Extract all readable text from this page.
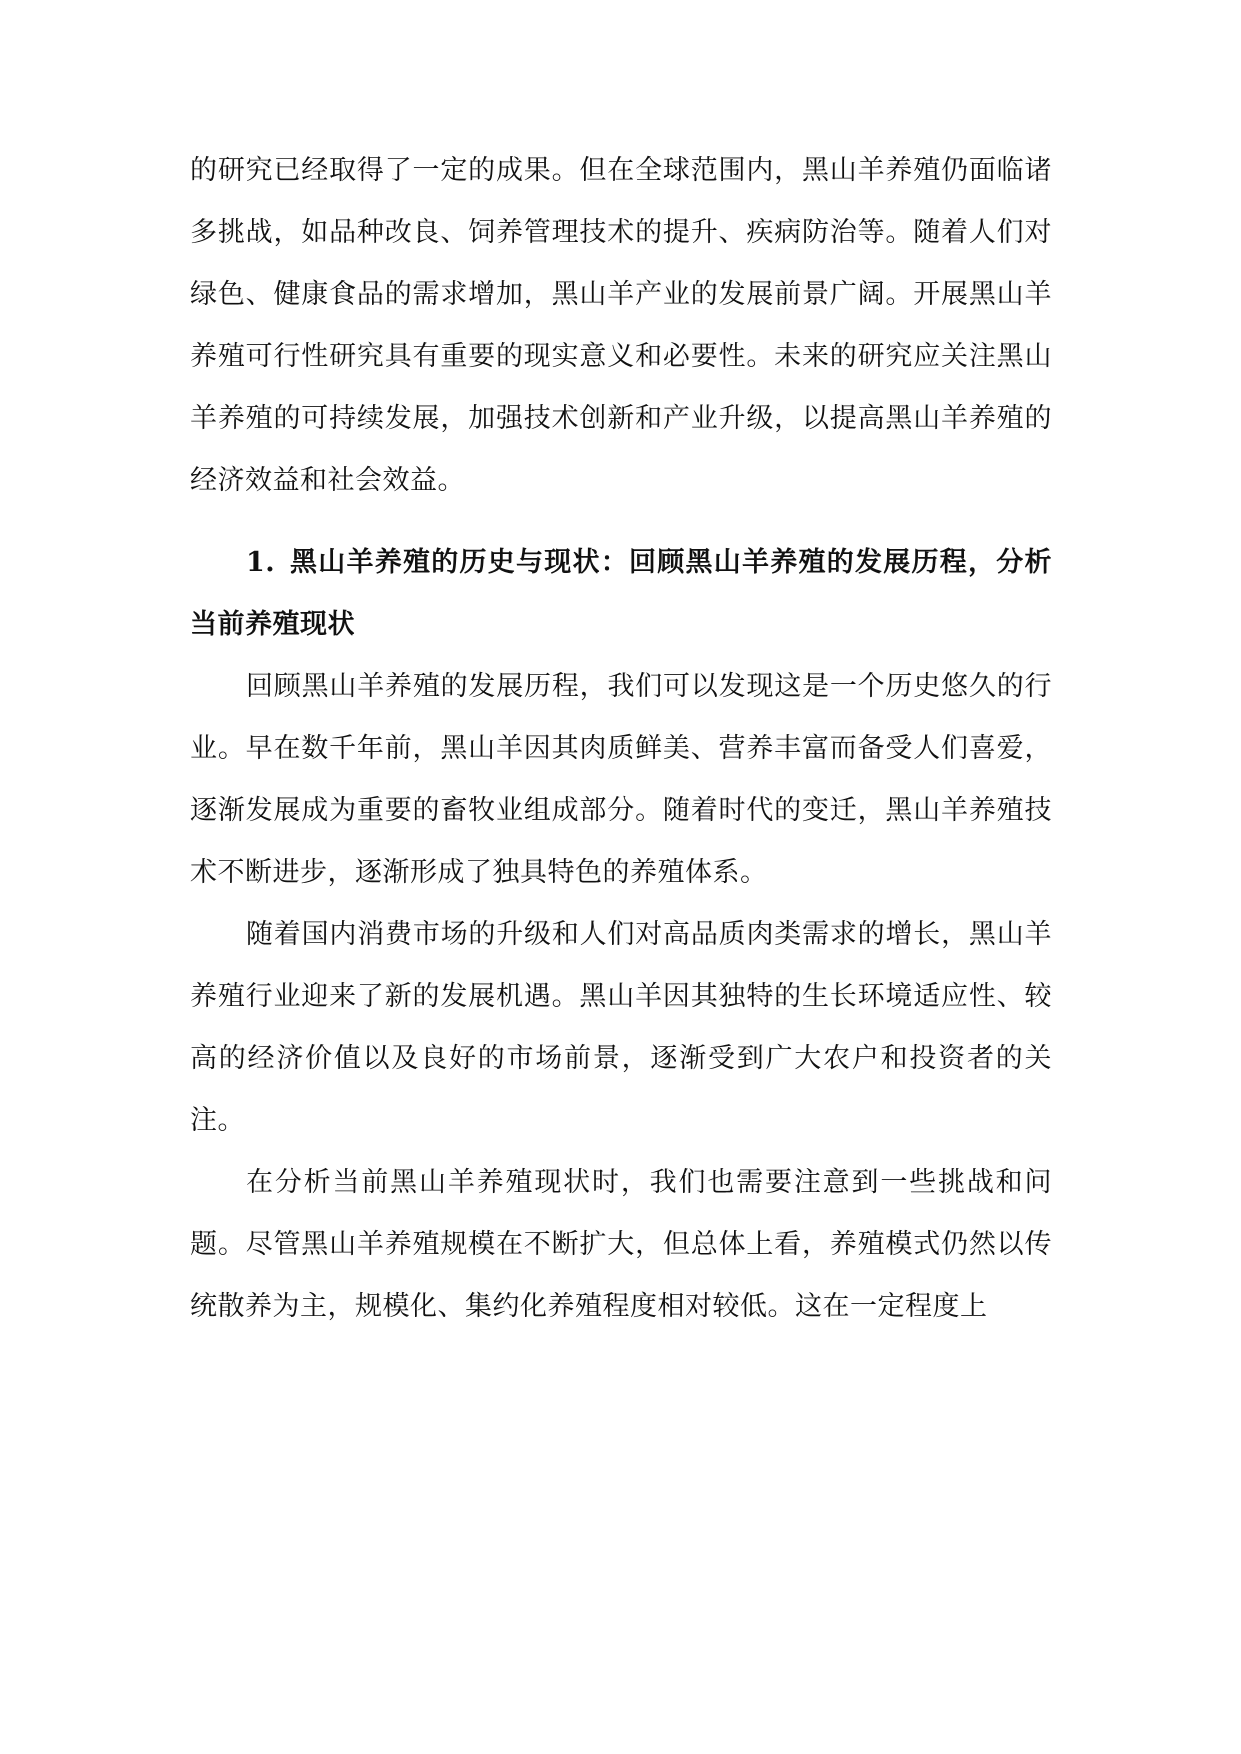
的研究已经取得了一定的成果。但在全球范围内，黑山羊养殖仍面临诸多挑战，如品种改良、饲养管理技术的提升、疾病防治等。随着人们对绿色、健康食品的需求增加，黑山羊产业的发展前景广阔。开展黑山羊养殖可行性研究具有重要的现实意义和必要性。未来的研究应关注黑山羊养殖的可持续发展，加强技术创新和产业升级，以提高黑山羊养殖的经济效益和社会效益。

1. 黑山羊养殖的历史与现状：回顾黑山羊养殖的发展历程，分析当前养殖现状

回顾黑山羊养殖的发展历程，我们可以发现这是一个历史悠久的行业。早在数千年前，黑山羊因其肉质鲜美、营养丰富而备受人们喜爱，逐渐发展成为重要的畜牧业组成部分。随着时代的变迁，黑山羊养殖技术不断进步，逐渐形成了独具特色的养殖体系。

随着国内消费市场的升级和人们对高品质肉类需求的增长，黑山羊养殖行业迎来了新的发展机遇。黑山羊因其独特的生长环境适应性、较高的经济价值以及良好的市场前景，逐渐受到广大农户和投资者的关注。

在分析当前黑山羊养殖现状时，我们也需要注意到一些挑战和问题。尽管黑山羊养殖规模在不断扩大，但总体上看，养殖模式仍然以传统散养为主，规模化、集约化养殖程度相对较低。这在一定程度上
